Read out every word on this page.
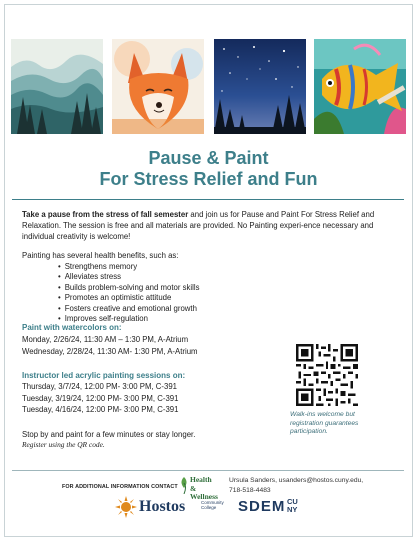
Pause & Paint
For Stress Relief and Fun
Take a pause from the stress of fall semester and join us for Pause and Paint For Stress Relief and Relaxation. The session is free and all materials are provided. No Painting experi-ence necessary and individual creativity is welcome!
Painting has several health benefits, such as:
• Strengthens memory
• Alleviates stress
• Builds problem-solving and motor skills
• Promotes an optimistic attitude
• Fosters creative and emotional growth
• Improves self-regulation
Paint with watercolors on:
Monday, 2/26/24, 11:30 AM – 1:30 PM, A-Atrium
Wednesday, 2/28/24, 11:30 AM- 1:30 PM, A-Atrium
Instructor led acrylic painting sessions on:
Thursday, 3/7/24, 12:00 PM- 3:00 PM, C-391
Tuesday, 3/19/24, 12:00 PM- 3:00 PM, C-391
Tuesday, 4/16/24, 12:00 PM- 3:00 PM, C-391
Stop by and paint for a few minutes or stay longer.
Register using the QR code.
Walk-ins welcome but registration guarantees participation.
FOR ADDITIONAL INFORMATION CONTACT
Health
& Wellness
Ursula Sanders, usanders@hostos.cuny.edu,
718-518-4483
Hostos	Community
College	SDEM CU
NY
